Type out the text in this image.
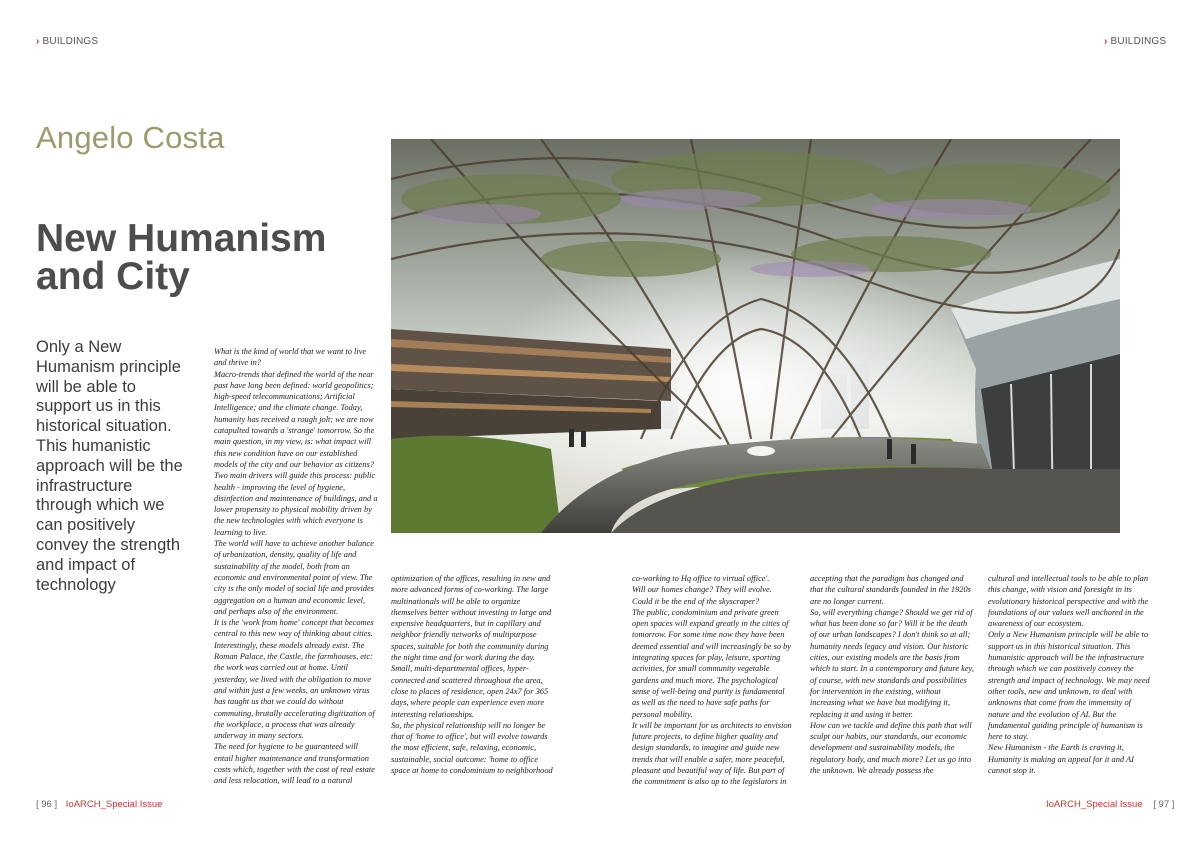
› BUILDINGS	› BUILDINGS
Angelo Costa
New Humanism
and City
Only a New Humanism principle will be able to support us in this historical situation. This humanistic approach will be the infrastructure through which we can positively convey the strength and impact of technology

What is the kind of world that we want to live and thrive in?

Macro-trends that defined the world of the near past have long been defined: world geopolitics; high-speed telecommunications; Artificial Intelligence; and the climate change. Today, humanity has received a rough jolt; we are now catapulted towards a 'strange' tomorrow. So the main question, in my view, is: what impact will this new condition have on our established models of the city and our behavior as citizens?

Two main drivers will guide this process: public health - improving the level of hygiene, disinfection and maintenance of buildings, and a lower propensity to physical mobility driven by the new technologies with which everyone is learning to live.

The world will have to achieve another balance of urbanization, density, quality of life and sustainability of the model, both from an economic and environmental point of view. The city is the only model of social life and provides aggregation on a human and economic level, and perhaps also of the environment.

It is the 'work from home' concept that becomes central to this new way of thinking about cities. Interestingly, these models already exist. The Roman Palace, the Castle, the farmhouses, etc: the work was carried out at home. Until yesterday, we lived with the obligation to move and within just a few weeks, an unknown virus has taught us that we could do without commuting, brutally accelerating digitization of the workplace, a process that was already underway in many sectors.

The need for hygiene to be guaranteed will entail higher maintenance and transformation costs which, together with the cost of real estate and less relocation, will lead to a natural

optimization of the offices, resulting in new and more advanced forms of co-working. The large multinationals will be able to organize themselves better without investing in large and expensive headquarters, but in capillary and neighbor friendly networks of multipurpose spaces, suitable for both the community during the night time and for work during the day. Small, multi-departmental offices, hyper-connected and scattered throughout the area, close to places of residence, open 24x7 for 365 days, where people can experience even more interesting relationships.

So, the physical relationship will no longer be that of 'home to office', but will evolve towards the most efficient, safe, relaxing, economic, sustainable, social outcome: 'home to office space at home to condominium to neighborhood

co-working to Hq office to virtual office'.

Will our homes change? They will evolve.

Could it be the end of the skyscraper?

The public, condominium and private green open spaces will expand greatly in the cities of tomorrow. For some time now they have been deemed essential and will increasingly be so by integrating spaces for play, leisure, sporting activities, for small community vegetable gardens and much more. The psychological sense of well-being and purity is fundamental as well as the need to have safe paths for personal mobility.

It will be important for us architects to envision future projects, to define higher quality and design standards, to imagine and guide new trends that will enable a safer, more peaceful, pleasant and beautiful way of life. But part of the commitment is also up to the legislators in

accepting that the paradigm has changed and that the cultural standards founded in the 1920s are no longer current.

So, will everything change? Should we get rid of what has been done so far? Will it be the death of our urban landscapes? I don't think so at all; humanity needs legacy and vision. Our historic cities, our existing models are the basis from which to start. In a contemporary and future key, of course, with new standards and possibilities for intervention in the existing, without increasing what we have but modifying it, replacing it and using it better.

How can we tackle and define this path that will sculpt our habits, our standards, our economic development and sustainability models, the regulatory body, and much more? Let us go into the unknown. We already possess the

cultural and intellectual tools to be able to plan this change, with vision and foresight in its evolutionary historical perspective and with the foundations of our values well anchored in the awareness of our ecosystem.

Only a New Humanism principle will be able to support us in this historical situation. This humanistic approach will be the infrastructure through which we can positively convey the strength and impact of technology. We may need other tools, new and unknown, to deal with unknowns that come from the immensity of nature and the evolution of AI. But the fundamental guiding principle of humanism is here to stay.

New Humanism - the Earth is craving it, Humanity is making an appeal for it and AI cannot stop it.

[ 96 ] IoARCH_Special Issue	IoARCH_Special Issue [ 97 ]
